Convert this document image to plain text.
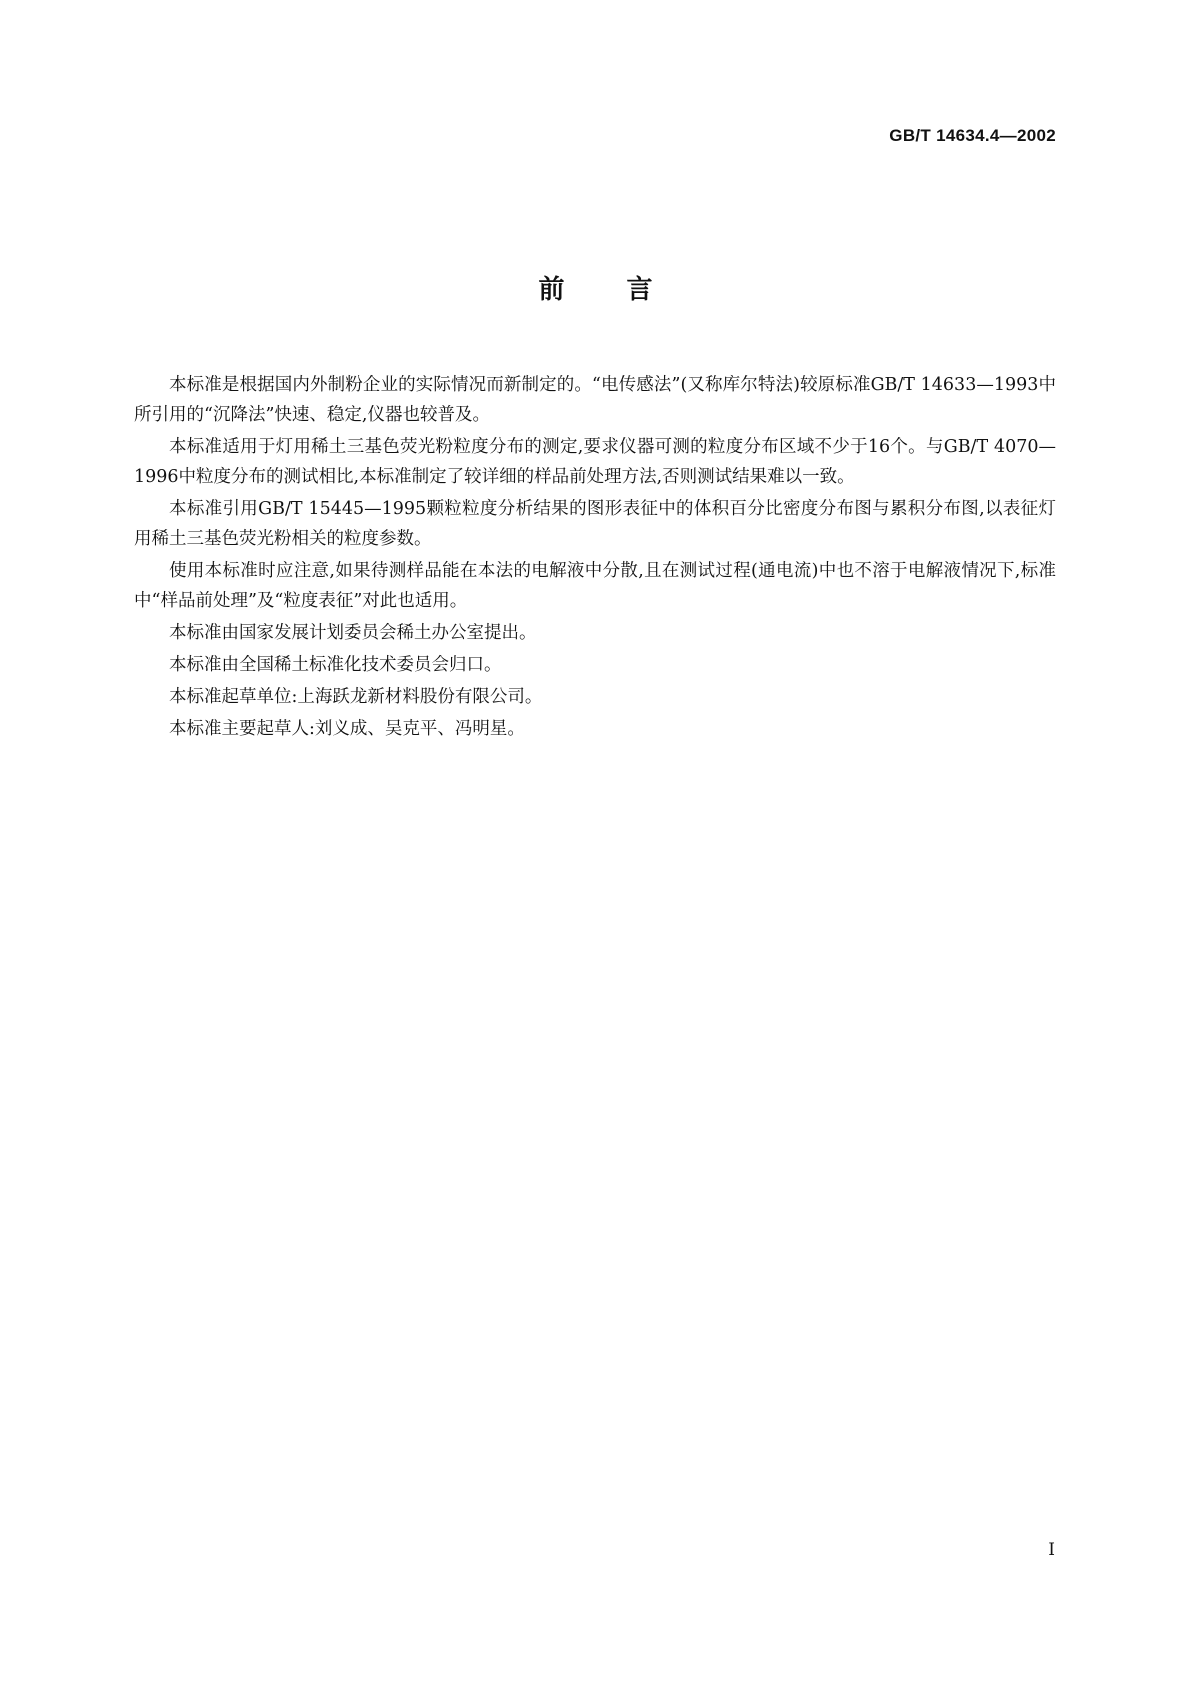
GB/T 14634.4—2002
前言

本标准是根据国内外制粉企业的实际情况而新制定的。“电传感法”(又称库尔特法)较原标准GB/T 14633—1993中所引用的“沉降法”快速、稳定,仪器也较普及。

本标准适用于灯用稀土三基色荧光粉粒度分布的测定,要求仪器可测的粒度分布区域不少于16个。与GB/T 4070—1996中粒度分布的测试相比,本标准制定了较详细的样品前处理方法,否则测试结果难以一致。

本标准引用GB/T 15445—1995颗粒粒度分析结果的图形表征中的体积百分比密度分布图与累积分布图,以表征灯用稀土三基色荧光粉相关的粒度参数。

使用本标准时应注意,如果待测样品能在本法的电解液中分散,且在测试过程(通电流)中也不溶于电解液情况下,标准中“样品前处理”及“粒度表征”对此也适用。

本标准由国家发展计划委员会稀土办公室提出。

本标准由全国稀土标准化技术委员会归口。

本标准起草单位:上海跃龙新材料股份有限公司。

本标准主要起草人:刘义成、吴克平、冯明星。

I
